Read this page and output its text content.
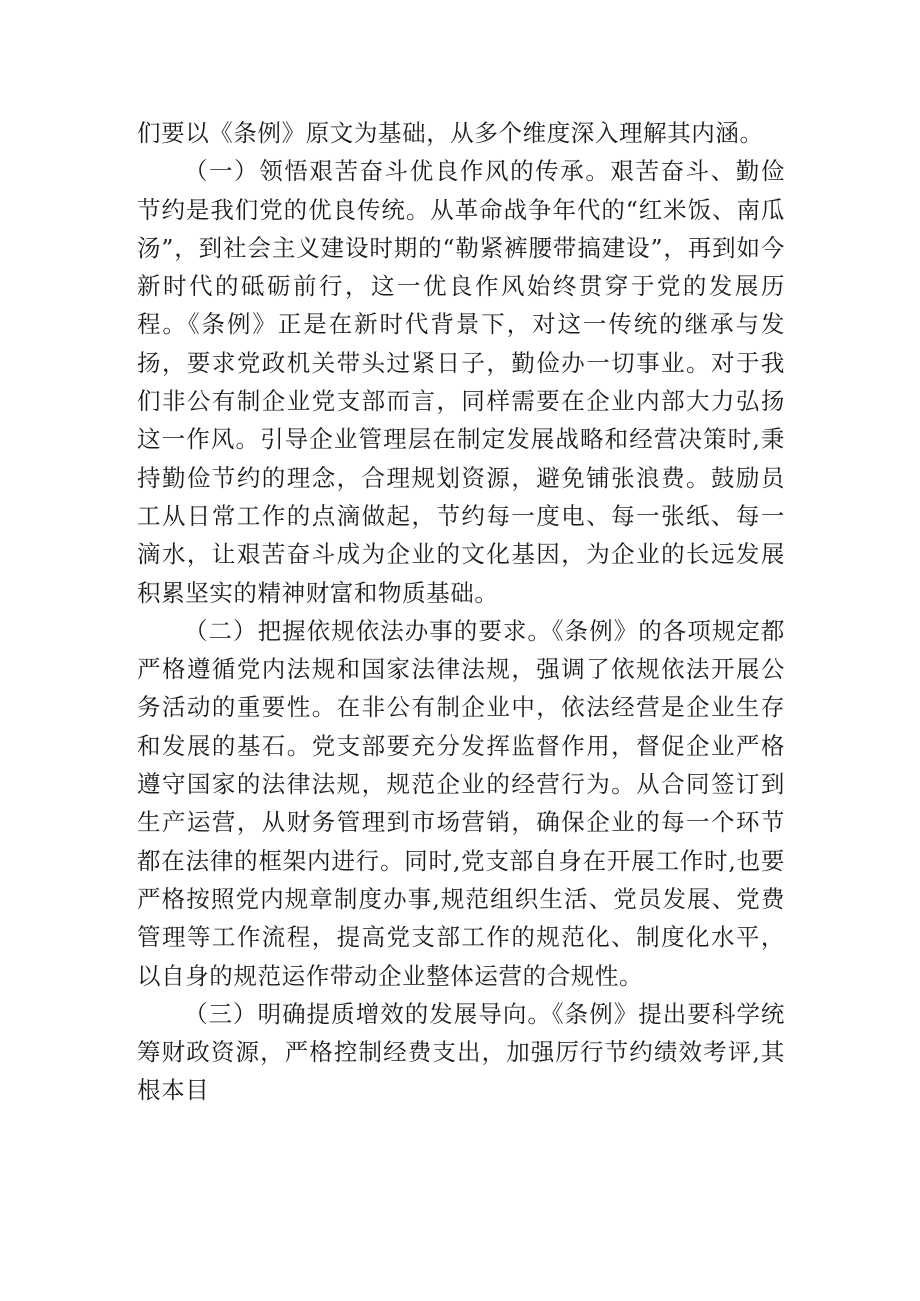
们要以《条例》原文为基础，从多个维度深入理解其内涵。

（一）领悟艰苦奋斗优良作风的传承。艰苦奋斗、勤俭节约是我们党的优良传统。从革命战争年代的“红米饭、南瓜汤”，到社会主义建设时期的“勒紧裤腰带搞建设”，再到如今新时代的砥砺前行，这一优良作风始终贯穿于党的发展历程。《条例》正是在新时代背景下，对这一传统的继承与发扬，要求党政机关带头过紧日子，勤俭办一切事业。对于我们非公有制企业党支部而言，同样需要在企业内部大力弘扬这一作风。引导企业管理层在制定发展战略和经营决策时,秉持勤俭节约的理念，合理规划资源，避免铺张浪费。鼓励员工从日常工作的点滴做起，节约每一度电、每一张纸、每一滴水，让艰苦奋斗成为企业的文化基因，为企业的长远发展积累坚实的精神财富和物质基础。

（二）把握依规依法办事的要求。《条例》的各项规定都严格遵循党内法规和国家法律法规，强调了依规依法开展公务活动的重要性。在非公有制企业中，依法经营是企业生存和发展的基石。党支部要充分发挥监督作用，督促企业严格遵守国家的法律法规，规范企业的经营行为。从合同签订到生产运营，从财务管理到市场营销，确保企业的每一个环节都在法律的框架内进行。同时,党支部自身在开展工作时,也要严格按照党内规章制度办事,规范组织生活、党员发展、党费管理等工作流程，提高党支部工作的规范化、制度化水平，以自身的规范运作带动企业整体运营的合规性。

（三）明确提质增效的发展导向。《条例》提出要科学统筹财政资源，严格控制经费支出，加强厉行节约绩效考评,其根本目
